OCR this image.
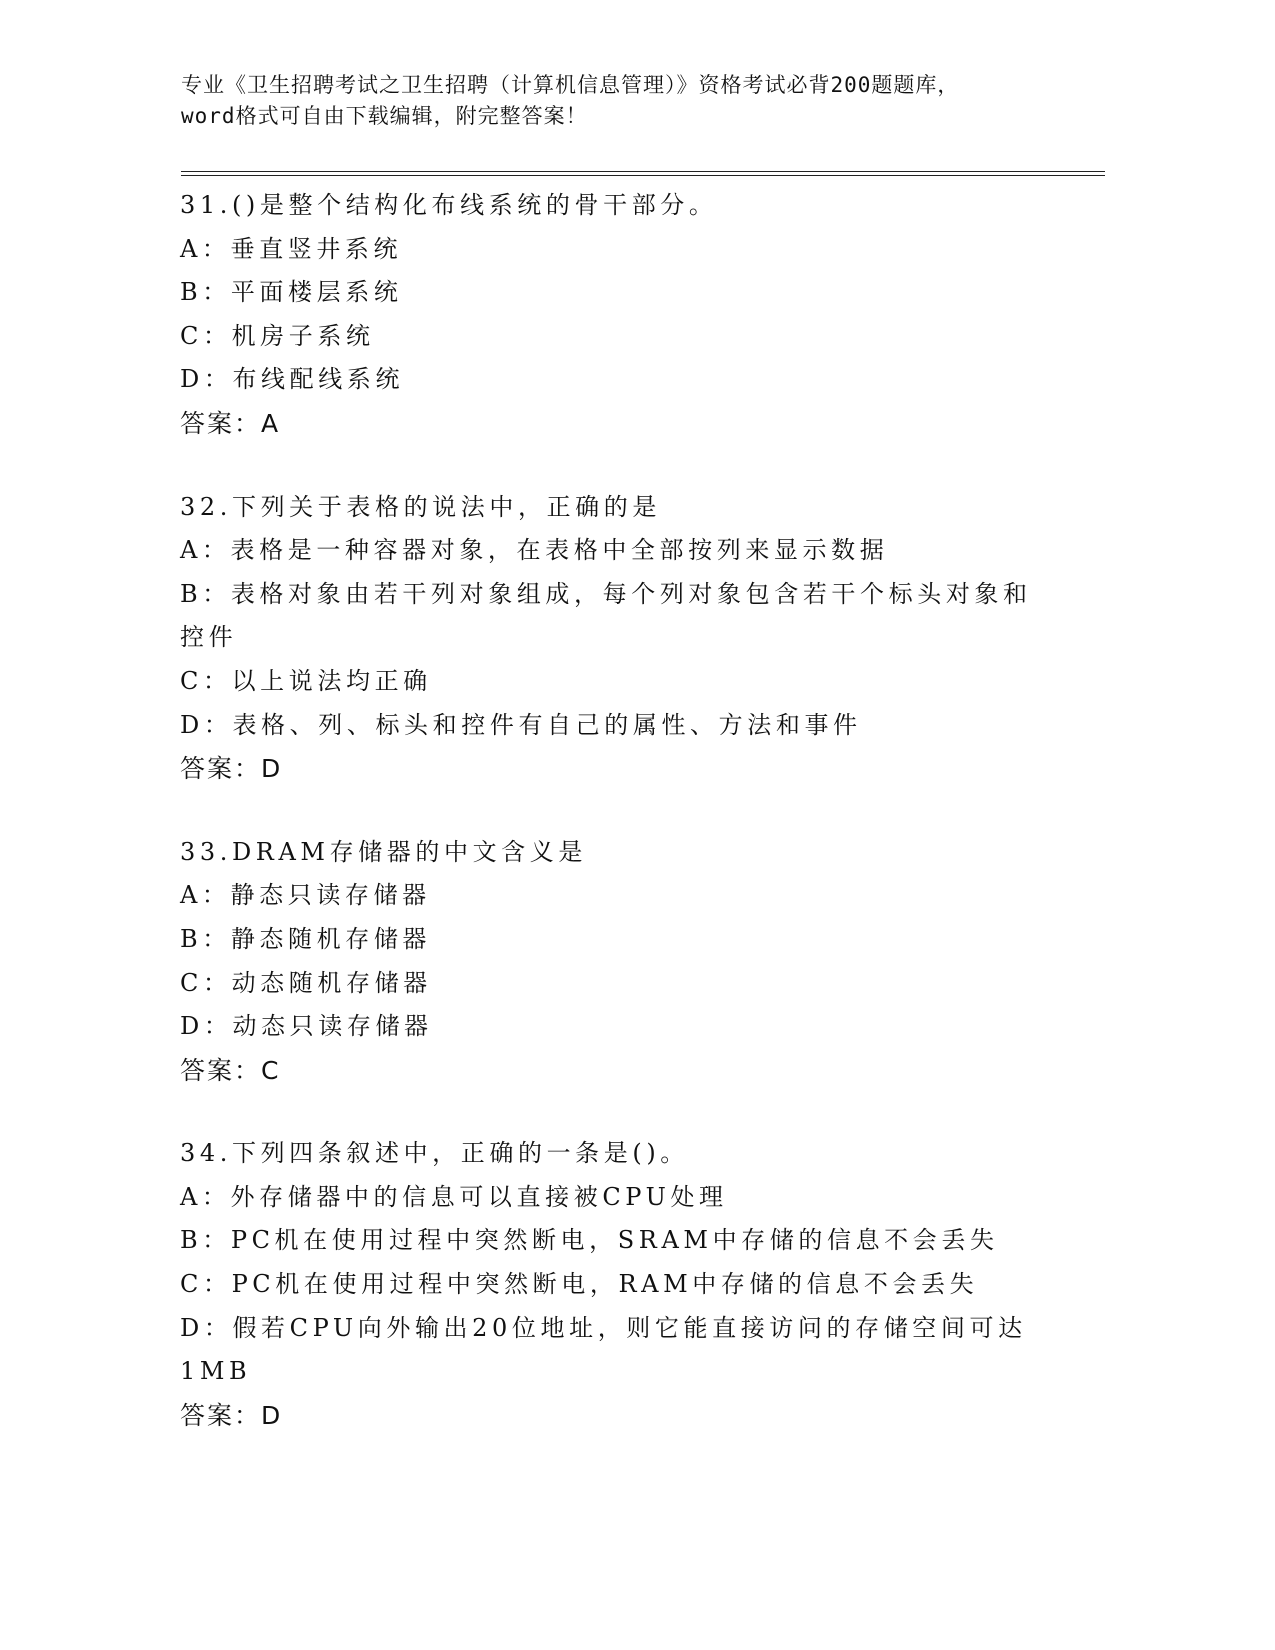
专业《卫生招聘考试之卫生招聘（计算机信息管理）》资格考试必背200题题库，
word格式可自由下载编辑，附完整答案！
31.()是整个结构化布线系统的骨干部分。
A：垂直竖井系统
B：平面楼层系统
C：机房子系统
D：布线配线系统
答案：A
32.下列关于表格的说法中，正确的是
A：表格是一种容器对象，在表格中全部按列来显示数据
B：表格对象由若干列对象组成，每个列对象包含若干个标头对象和控件
C：以上说法均正确
D：表格、列、标头和控件有自己的属性、方法和事件
答案：D
33.DRAM存储器的中文含义是
A：静态只读存储器
B：静态随机存储器
C：动态随机存储器
D：动态只读存储器
答案：C
34.下列四条叙述中，正确的一条是()。
A：外存储器中的信息可以直接被CPU处理
B：PC机在使用过程中突然断电，SRAM中存储的信息不会丢失
C：PC机在使用过程中突然断电，RAM中存储的信息不会丢失
D：假若CPU向外输出20位地址，则它能直接访问的存储空间可达1MB
答案：D
